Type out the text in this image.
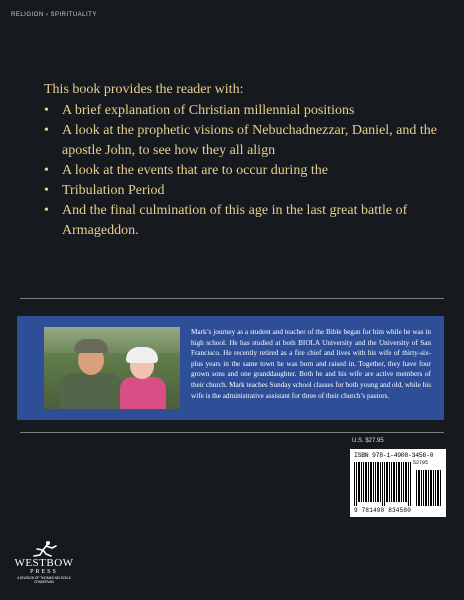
RELIGION › SPIRITUALITY

This book provides the reader with:

• A brief explanation of Christian millennial positions
• A look at the prophetic visions of Nebuchadnezzar, Daniel, and the apostle John, to see how they all align
• A look at the events that are to occur during the
• Tribulation Period
• And the final culmination of this age in the last great battle of Armageddon.

Mark’s journey as a student and teacher of the Bible began for him while he was in high school. He has studied at both BIOLA University and the University of San Francisco. He recently retired as a fire chief and lives with his wife of thirty-six-plus years in the same town he was born and raised in. Together, they have four grown sons and one granddaughter. Both he and his wife are active members of their church. Mark teaches Sunday school classes for both young and old, while his wife is the administrative assistant for three of their church’s pastors.

U.S. $27.95
ISBN 978-1-4908-3456-0
52795
9 781490 834580
WESTBOW
PRESS
A DIVISION OF THOMAS NELSON & ZONDERVAN
